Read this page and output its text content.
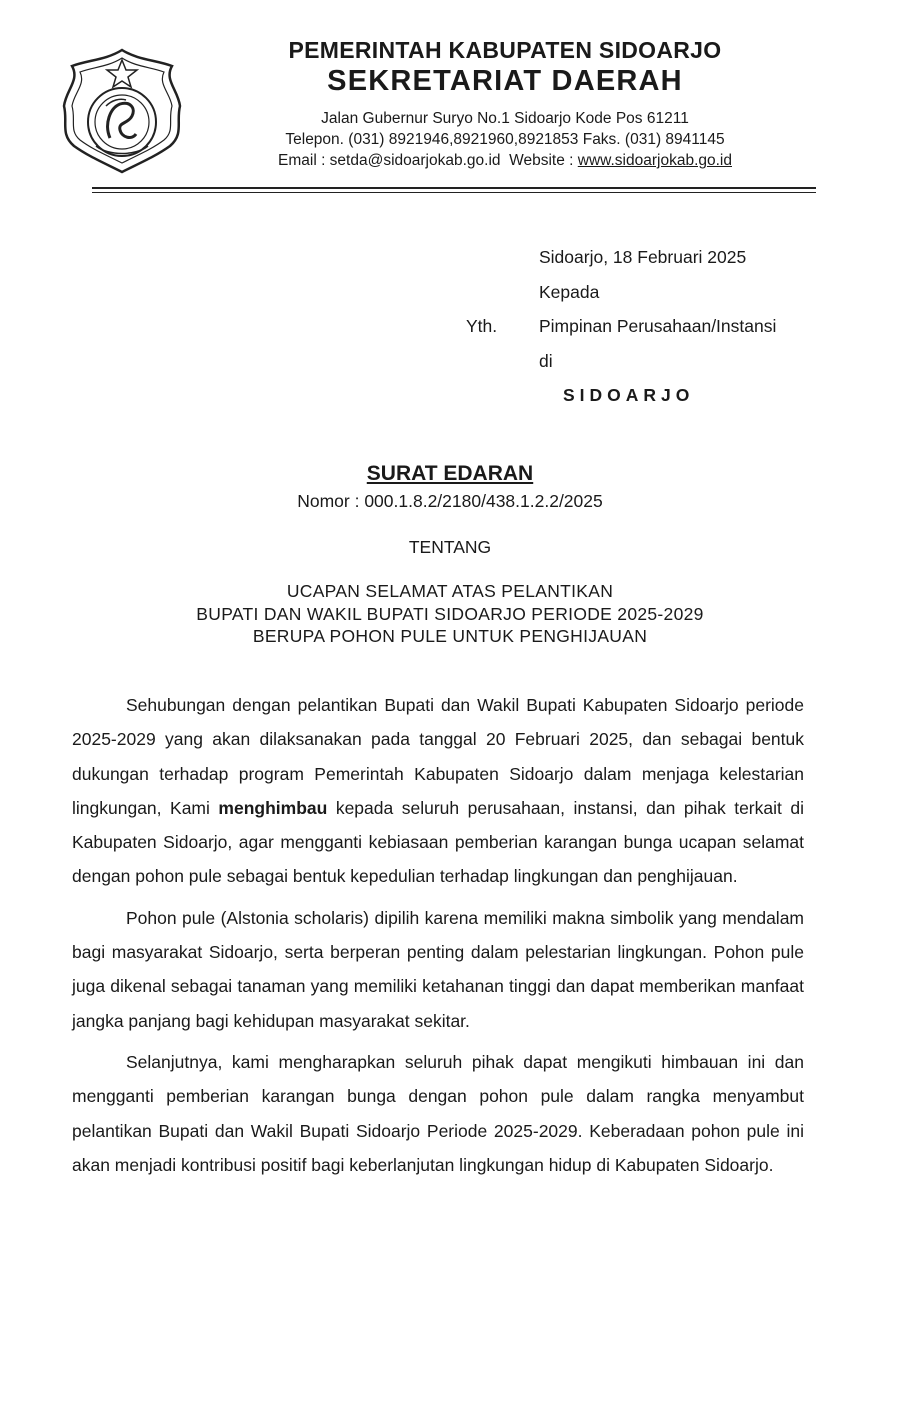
PEMERINTAH KABUPATEN SIDOARJO
SEKRETARIAT DAERAH
Jalan Gubernur Suryo No.1 Sidoarjo Kode Pos 61211
Telepon. (031) 8921946,8921960,8921853 Faks. (031) 8941145
Email : setda@sidoarjokab.go.id  Website : www.sidoarjokab.go.id
Sidoarjo, 18 Februari 2025
Kepada
Yth.	Pimpinan Perusahaan/Instansi
di
SIDOARJO
SURAT EDARAN
Nomor : 000.1.8.2/2180/438.1.2.2/2025
TENTANG
UCAPAN SELAMAT ATAS PELANTIKAN
BUPATI DAN WAKIL BUPATI SIDOARJO PERIODE 2025-2029
BERUPA POHON PULE UNTUK PENGHIJAUAN

Sehubungan dengan pelantikan Bupati dan Wakil Bupati Kabupaten Sidoarjo periode 2025-2029 yang akan dilaksanakan pada tanggal 20 Februari 2025, dan sebagai bentuk dukungan terhadap program Pemerintah Kabupaten Sidoarjo dalam menjaga kelestarian lingkungan, Kami menghimbau kepada seluruh perusahaan, instansi, dan pihak terkait di Kabupaten Sidoarjo, agar mengganti kebiasaan pemberian karangan bunga ucapan selamat dengan pohon pule sebagai bentuk kepedulian terhadap lingkungan dan penghijauan.

Pohon pule (Alstonia scholaris) dipilih karena memiliki makna simbolik yang mendalam bagi masyarakat Sidoarjo, serta berperan penting dalam pelestarian lingkungan. Pohon pule juga dikenal sebagai tanaman yang memiliki ketahanan tinggi dan dapat memberikan manfaat jangka panjang bagi kehidupan masyarakat sekitar.

Selanjutnya, kami mengharapkan seluruh pihak dapat mengikuti himbauan ini dan mengganti pemberian karangan bunga dengan pohon pule dalam rangka menyambut pelantikan Bupati dan Wakil Bupati Sidoarjo Periode 2025-2029. Keberadaan pohon pule ini akan menjadi kontribusi positif bagi keberlanjutan lingkungan hidup di Kabupaten Sidoarjo.
